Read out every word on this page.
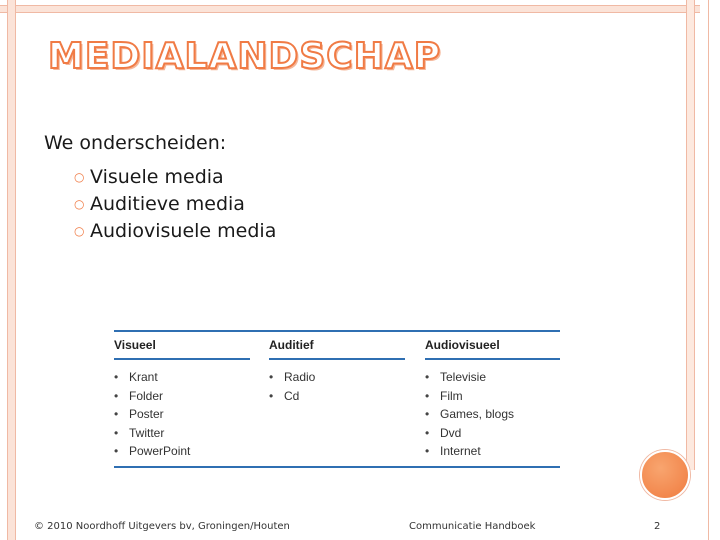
MEDIALANDSCHAP
We onderscheiden:
○ Visuele media
○ Auditieve media
○ Audiovisuele media
Visueel
• Krant
• Folder
• Poster
• Twitter
• PowerPoint
Auditief
• Radio
• Cd
Audiovisueel
• Televisie
• Film
• Games, blogs
• Dvd
• Internet
© 2010 Noordhoff Uitgevers bv, Groningen/Houten	Communicatie Handboek	2
